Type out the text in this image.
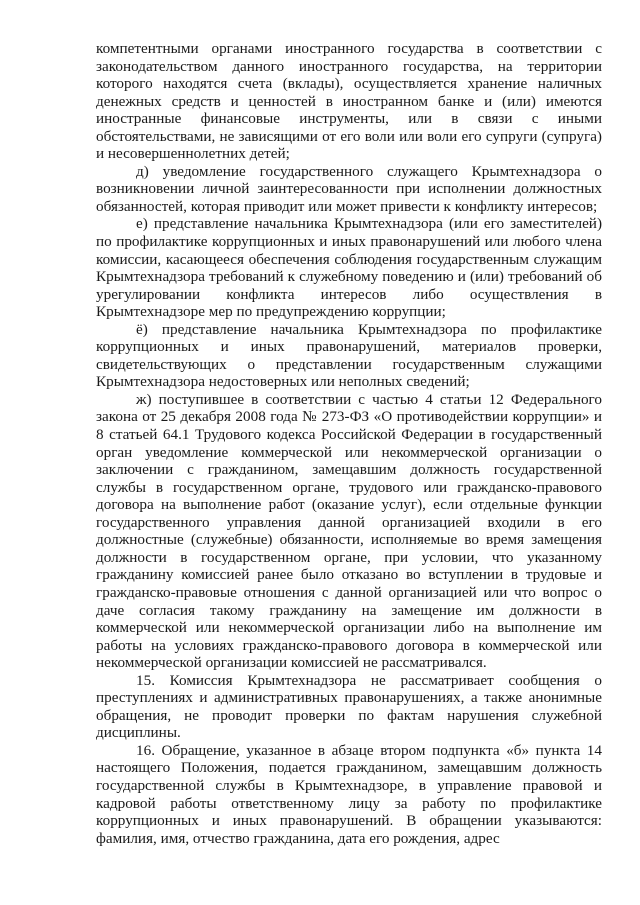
компетентными органами иностранного государства в соответствии с законодательством данного иностранного государства, на территории которого находятся счета (вклады), осуществляется хранение наличных денежных средств и ценностей в иностранном банке и (или) имеются иностранные финансовые инструменты, или в связи с иными обстоятельствами, не зависящими от его воли или воли его супруги (супруга) и несовершеннолетних детей;

д) уведомление государственного служащего Крымтехнадзора о возникновении личной заинтересованности при исполнении должностных обязанностей, которая приводит или может привести к конфликту интересов;

е) представление начальника Крымтехнадзора (или его заместителей) по профилактике коррупционных и иных правонарушений или любого члена комиссии, касающееся обеспечения соблюдения государственным служащим Крымтехнадзора требований к служебному поведению и (или) требований об урегулировании конфликта интересов либо осуществления в Крымтехнадзоре мер по предупреждению коррупции;

ё) представление начальника Крымтехнадзора по профилактике коррупционных и иных правонарушений, материалов проверки, свидетельствующих о представлении государственным служащими Крымтехнадзора недостоверных или неполных сведений;

ж) поступившее в соответствии с частью 4 статьи 12 Федерального закона от 25 декабря 2008 года № 273-ФЗ «О противодействии коррупции» и 8 статьей 64.1 Трудового кодекса Российской Федерации в государственный орган уведомление коммерческой или некоммерческой организации о заключении с гражданином, замещавшим должность государственной службы в государственном органе, трудового или гражданско-правового договора на выполнение работ (оказание услуг), если отдельные функции государственного управления данной организацией входили в его должностные (служебные) обязанности, исполняемые во время замещения должности в государственном органе, при условии, что указанному гражданину комиссией ранее было отказано во вступлении в трудовые и гражданско-правовые отношения с данной организацией или что вопрос о даче согласия такому гражданину на замещение им должности в коммерческой или некоммерческой организации либо на выполнение им работы на условиях гражданско-правового договора в коммерческой или некоммерческой организации комиссией не рассматривался.

15. Комиссия Крымтехнадзора не рассматривает сообщения о преступлениях и административных правонарушениях, а также анонимные обращения, не проводит проверки по фактам нарушения служебной дисциплины.

16. Обращение, указанное в абзаце втором подпункта «б» пункта 14 настоящего Положения, подается гражданином, замещавшим должность государственной службы в Крымтехнадзоре, в управление правовой и кадровой работы ответственному лицу за работу по профилактике коррупционных и иных правонарушений. В обращении указываются: фамилия, имя, отчество гражданина, дата его рождения, адрес
